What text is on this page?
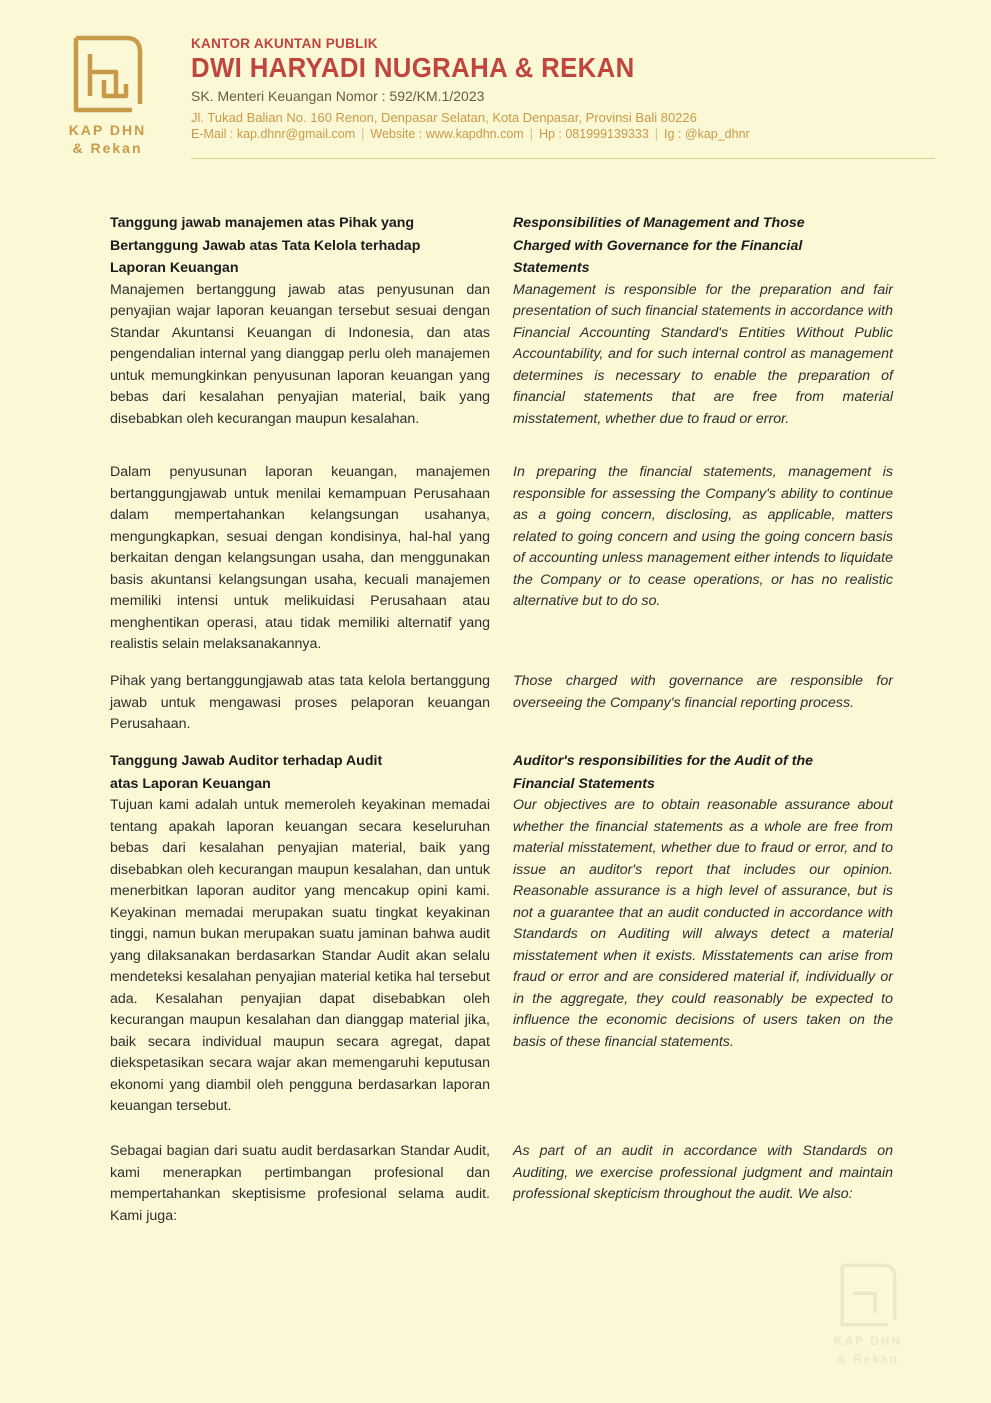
KAP DHN
& Rekan
KANTOR AKUNTAN PUBLIK
DWI HARYADI NUGRAHA & REKAN
SK. Menteri Keuangan Nomor : 592/KM.1/2023
Jl. Tukad Balian No. 160 Renon, Denpasar Selatan, Kota Denpasar, Provinsi Bali 80226
E-Mail : kap.dhnr@gmail.com | Website : www.kapdhn.com | Hp : 081999139333 | Ig : @kap_dhnr
Tanggung jawab manajemen atas Pihak yang
Bertanggung Jawab atas Tata Kelola terhadap
Laporan Keuangan

Manajemen bertanggung jawab atas penyusunan dan penyajian wajar laporan keuangan tersebut sesuai dengan Standar Akuntansi Keuangan di Indonesia, dan atas pengendalian internal yang dianggap perlu oleh manajemen untuk memungkinkan penyusunan laporan keuangan yang bebas dari kesalahan penyajian material, baik yang disebabkan oleh kecurangan maupun kesalahan.

Dalam penyusunan laporan keuangan, manajemen bertanggungjawab untuk menilai kemampuan Perusahaan dalam mempertahankan kelangsungan usahanya, mengungkapkan, sesuai dengan kondisinya, hal-hal yang berkaitan dengan kelangsungan usaha, dan menggunakan basis akuntansi kelangsungan usaha, kecuali manajemen memiliki intensi untuk melikuidasi Perusahaan atau menghentikan operasi, atau tidak memiliki alternatif yang realistis selain melaksanakannya.

Pihak yang bertanggungjawab atas tata kelola bertanggung jawab untuk mengawasi proses pelaporan keuangan Perusahaan.

Tanggung Jawab Auditor terhadap Audit
atas Laporan Keuangan

Tujuan kami adalah untuk memeroleh keyakinan memadai tentang apakah laporan keuangan secara keseluruhan bebas dari kesalahan penyajian material, baik yang disebabkan oleh kecurangan maupun kesalahan, dan untuk menerbitkan laporan auditor yang mencakup opini kami. Keyakinan memadai merupakan suatu tingkat keyakinan tinggi, namun bukan merupakan suatu jaminan bahwa audit yang dilaksanakan berdasarkan Standar Audit akan selalu mendeteksi kesalahan penyajian material ketika hal tersebut ada. Kesalahan penyajian dapat disebabkan oleh kecurangan maupun kesalahan dan dianggap material jika, baik secara individual maupun secara agregat, dapat diekspetasikan secara wajar akan memengaruhi keputusan ekonomi yang diambil oleh pengguna berdasarkan laporan keuangan tersebut.

Sebagai bagian dari suatu audit berdasarkan Standar Audit, kami menerapkan pertimbangan profesional dan mempertahankan skeptisisme profesional selama audit. Kami juga:

Responsibilities of Management and Those
Charged with Governance for the Financial
Statements

Management is responsible for the preparation and fair presentation of such financial statements in accordance with Financial Accounting Standard's Entities Without Public Accountability, and for such internal control as management determines is necessary to enable the preparation of financial statements that are free from material misstatement, whether due to fraud or error.

In preparing the financial statements, management is responsible for assessing the Company's ability to continue as a going concern, disclosing, as applicable, matters related to going concern and using the going concern basis of accounting unless management either intends to liquidate the Company or to cease operations, or has no realistic alternative but to do so.

Those charged with governance are responsible for overseeing the Company's financial reporting process.

Auditor's responsibilities for the Audit of the
Financial Statements

Our objectives are to obtain reasonable assurance about whether the financial statements as a whole are free from material misstatement, whether due to fraud or error, and to issue an auditor's report that includes our opinion. Reasonable assurance is a high level of assurance, but is not a guarantee that an audit conducted in accordance with Standards on Auditing will always detect a material misstatement when it exists. Misstatements can arise from fraud or error and are considered material if, individually or in the aggregate, they could reasonably be expected to influence the economic decisions of users taken on the basis of these financial statements.

As part of an audit in accordance with Standards on Auditing, we exercise professional judgment and maintain professional skepticism throughout the audit. We also:

KAP DHN
& Rekan
